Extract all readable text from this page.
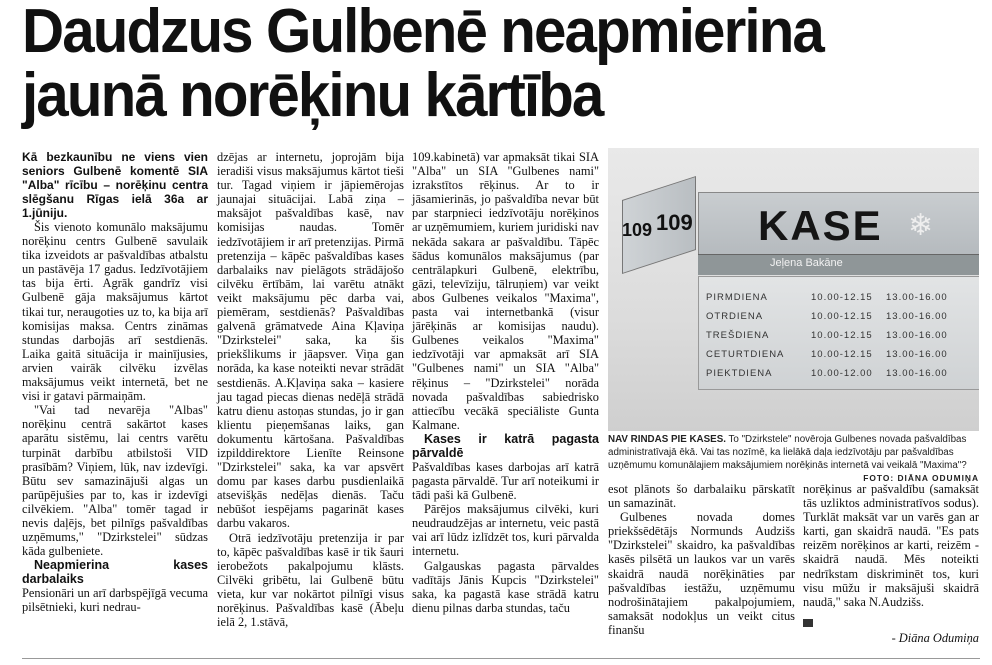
Daudzus Gulbenē neapmierina
jaunā norēķinu kārtība

Kā bezkaunību ne viens vien seniors Gulbenē komentē SIA "Alba" rīcību – norēķinu centra slēgšanu Rīgas ielā 36a ar 1.jūniju.

Šis vienoto komunālo maksājumu norēķinu centrs Gulbenē savulaik tika izveidots ar pašvaldības atbalstu un pastāvēja 17 gadus. Iedzīvotājiem tas bija ērti. Agrāk gandrīz visi Gulbenē gāja maksājumus kārtot tikai tur, neraugoties uz to, ka bija arī komisijas maksa. Centrs zināmas stundas darbojās arī sestdienās. Laika gaitā situācija ir mainījusies, arvien vairāk cilvēku izvēlas maksājumus veikt internetā, bet ne visi ir gatavi pārmaiņām.

"Vai tad nevarēja "Albas" norēķinu centrā sakārtot kases aparātu sistēmu, lai centrs varētu turpināt darbību atbilstoši VID prasībām? Viņiem, lūk, nav izdevīgi. Būtu sev samazinājuši algas un parūpējušies par to, kas ir izdevīgi cilvēkiem. "Alba" tomēr tagad ir nevis daļējs, bet pilnīgs pašvaldības uzņēmums," "Dzirkstelei" sūdzas kāda gulbeniete.

Neapmierina kases darbalaiks

Pensionāri un arī darbspējīgā vecuma pilsētnieki, kuri nedrau-

dzējas ar internetu, joprojām bija ieradiši visus maksājumus kārtot tieši tur. Tagad viņiem ir jāpiemērojas jaunajai situācijai. Labā ziņa – maksājot pašvaldības kasē, nav komisijas naudas. Tomēr iedzīvotājiem ir arī pretenzijas. Pirmā pretenzija – kāpēc pašvaldības kases darbalaiks nav pielāgots strādājošo cilvēku ērtībām, lai varētu atnākt veikt maksājumu pēc darba vai, piemēram, sestdienās? Pašvaldības galvenā grāmatvede Aina Kļaviņa "Dzirkstelei" saka, ka šis priekšlikums ir jāapsver. Viņa gan norāda, ka kase noteikti nevar strādāt sestdienās. A.Kļaviņa saka – kasiere jau tagad piecas dienas nedēļā strādā katru dienu astoņas stundas, jo ir gan klientu pieņemšanas laiks, gan dokumentu kārtošana. Pašvaldības izpilddirektore Lienīte Reinsone "Dzirkstelei" saka, ka var apsvērt domu par kases darbu pusdienlaikā atsevišķās nedēļas dienās. Taču nebūšot iespējams pagarināt kases darbu vakaros.

Otrā iedzīvotāju pretenzija ir par to, kāpēc pašvaldības kasē ir tik šauri ierobežots pakalpojumu klāsts. Cilvēki gribētu, lai Gulbenē būtu vieta, kur var nokārtot pilnīgi visus norēķinus. Pašvaldības kasē (Ābeļu ielā 2, 1.stāvā,

109.kabinetā) var apmaksāt tikai SIA "Alba" un SIA "Gulbenes nami" izrakstītos rēķinus. Ar to ir jāsamierinās, jo pašvaldība nevar būt par starpnieci iedzīvotāju norēķinos ar uzņēmumiem, kuriem juridiski nav nekāda sakara ar pašvaldību. Tāpēc šādus komunālos maksājumus (par centrālapkuri Gulbenē, elektrību, gāzi, televīziju, tālruņiem) var veikt abos Gulbenes veikalos "Maxima", pasta vai internetbankā (visur jārēķinās ar komisijas naudu). Gulbenes veikalos "Maxima" iedzīvotāji var apmaksāt arī SIA "Gulbenes nami" un SIA "Alba" rēķinus – "Dzirkstelei" norāda novada pašvaldības sabiedrisko attiecību vecākā speciāliste Gunta Kalmane.

Kases ir katrā pagasta pārvaldē

Pašvaldības kases darbojas arī katrā pagasta pārvaldē. Tur arī noteikumi ir tādi paši kā Gulbenē.

Pārējos maksājumus cilvēki, kuri neudraudzējas ar internetu, veic pastā vai arī lūdz izlīdzēt tos, kuri pārvalda internetu.

Galgauskas pagasta pārvaldes vadītājs Jānis Kupcis "Dzirkstelei" saka, ka pagastā kase strādā katru dienu pilnas darba stundas, taču

109 109 KASE ❄
Jeļena Bakāne
PIRMDIENA	10.00-12.15 13.00-16.00
OTRDIENA	10.00-12.15 13.00-16.00
TREŠDIENA	10.00-12.15 13.00-16.00
CETURTDIENA	10.00-12.15 13.00-16.00
PIEKTDIENA	10.00-12.00 13.00-16.00
NAV RINDAS PIE KASES. To "Dzirkstele" novēroja Gulbenes novada pašvaldības administratīvajā ēkā. Vai tas nozīmē, ka lielākā daļa iedzīvotāju par pašvaldības uzņēmumu komunālajiem maksājumiem norēķinās internetā vai veikalā "Maxima"?
FOTO: DIĀNA ODUMIŅA

esot plānots šo darbalaiku pārskatīt un samazināt.

Gulbenes novada domes priekšsēdētājs Normunds Audzišs "Dzirkstelei" skaidro, ka pašvaldības kasēs pilsētā un laukos var un varēs skaidrā naudā norēķināties par pašvaldības iestāžu, uzņēmumu nodrošinātajiem pakalpojumiem, samaksāt nodokļus un veikt citus finanšu

norēķinus ar pašvaldību (samaksāt tās uzliktos administratīvos sodus). Turklāt maksāt var un varēs gan ar karti, gan skaidrā naudā. "Es pats reizēm norēķinos ar karti, reizēm - skaidrā naudā. Mēs noteikti nedrīkstam diskriminēt tos, kuri visu mūžu ir maksājuši skaidrā naudā," saka N.Audzišs.

- Diāna Odumiņa
